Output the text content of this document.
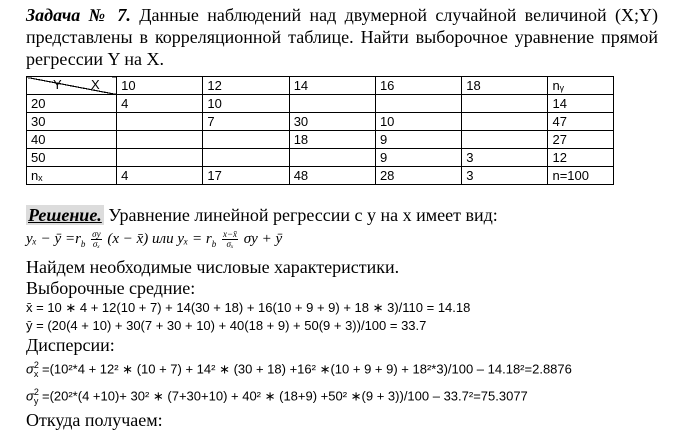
Задача № 7. Данные наблюдений над двумерной случайной величиной (X;Y) представлены в корреляционной таблице. Найти выборочное уравнение прямой регрессии Y на X.
Y X	10	12	14	16	18	nᵧ
20	4	10				14
30		7	30	10		47
40			18	9		27
50				9	3	12
nₓ	4	17	48	28	3	n=100
Решение. Уравнение линейной регрессии с y на x имеет вид:
yₓ − ȳ $=r_b \frac{\sigma y}{\text{σₓ}} (x$ − x̄) или $y_x = r_b \frac{x-x̄}{\text{σₓ}}$ σy + ȳ
Найдем необходимые числовые характеристики.
Выборочные средние:
x̄ = 10 ∗ 4 + 12(10 + 7) + 14(30 + 18) + 16(10 + 9 + 9) + 18 ∗ 3)/110 = 14.18
ȳ = (20(4 + 10) + 30(7 + 30 + 10) + 40(18 + 9) + 50(9 + 3))/100 = 33.7
Дисперсии:
$\sigma^2_x =(10^2*4 + 12^2$ ∗ (10 + 7) + 14² ∗ (30 + 18) +16² ∗(10 + 9 + 9) + 18²*3)/100 – 14.18²=2.8876
$\sigma^2_y =(20^2*(4 +10)+ 30^2$ ∗ (7+30+10) + 40² ∗ (18+9) +50² ∗(9 + 3))/100 – 33.7²=75.3077
Откуда получаем:
